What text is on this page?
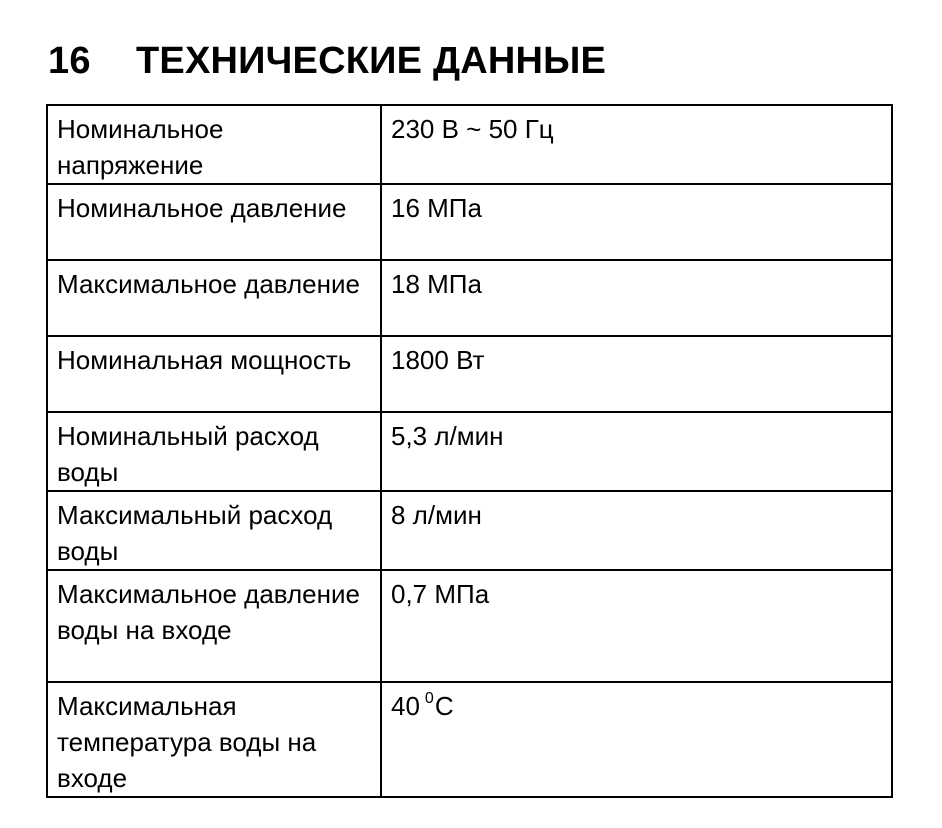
16	ТЕХНИЧЕСКИЕ ДАННЫЕ
Номинальное напряжение	230 В ~ 50 Гц
Номинальное давление	16 МПа
Максимальное давление	18 МПа
Номинальная мощность	1800 Вт
Номинальный расход воды	5,3 л/мин
Максимальный расход воды	8 л/мин
Максимальное давление воды на входе	0,7 МПа
Максимальная температура воды на входе	40 $^0$С
